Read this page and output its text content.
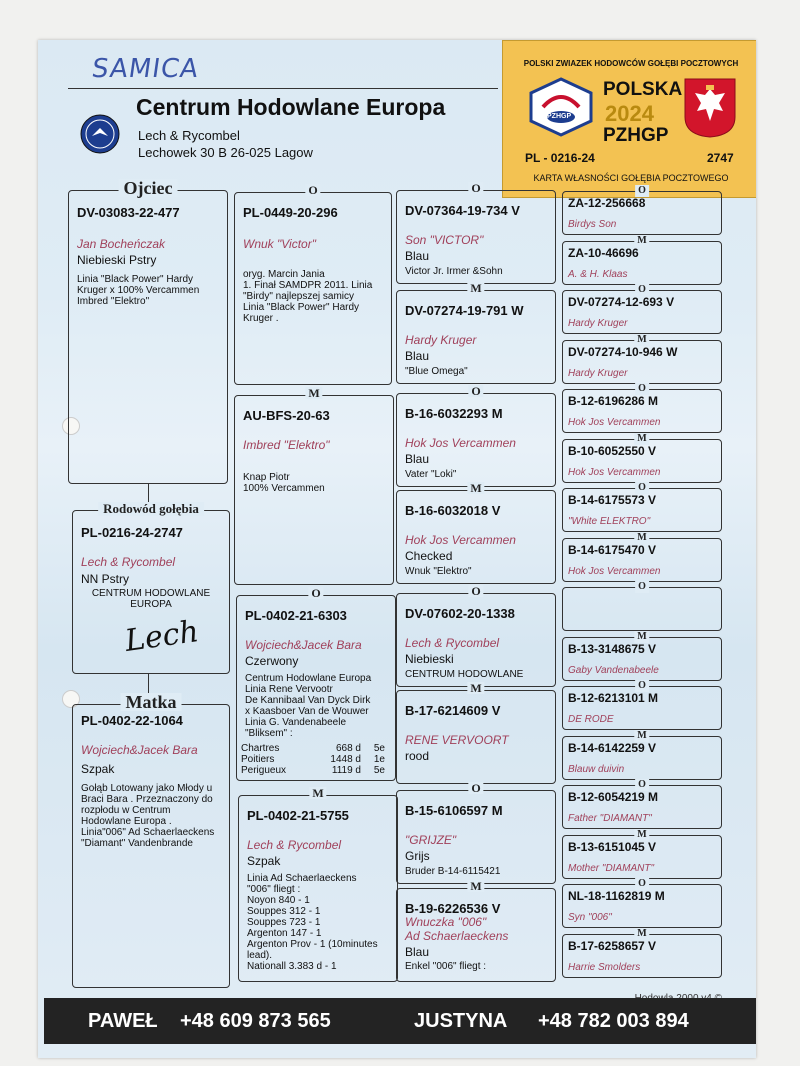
SAMICA
Centrum Hodowlane Europa
Lech & Rycombel
Lechowek 30 B 26-025 Lagow
POLSKI ZWIAZEK HODOWCÓW GOŁĘBI POCZTOWYCH
PZHGP
POLSKA
2024
PZHGP
PL - 0216-24	2747
KARTA WŁASNOŚCI GOŁĘBIA POCZTOWEGO
Ojciec
DV-03083-22-477
Jan Bocheńczak
Niebieski Pstry
Linia "Black Power" Hardy
Kruger x 100% Vercammen
Imbred "Elektro"
Rodowód gołębia
PL-0216-24-2747
Lech & Rycombel
NN Pstry
CENTRUM HODOWLANE
EUROPA
Lech
Matka
PL-0402-22-1064
Wojciech&Jacek Bara
Szpak
Gołąb Lotowany jako Młody u
Braci Bara . Przeznaczony do
rozpłodu w Centrum
Hodowlane Europa .
Linia"006" Ad Schaerlaeckens
"Diamant" Vandenbrande
O
PL-0449-20-296
Wnuk "Victor"
oryg. Marcin Jania
1. Finał SAMDPR 2011. Linia
"Birdy" najlepszej samicy
Linia "Black Power" Hardy
Kruger .
M
AU-BFS-20-63
Imbred "Elektro"
Knap Piotr
100% Vercammen
O
PL-0402-21-6303
Wojciech&Jacek Bara
Czerwony
Centrum Hodowlane Europa
Linia Rene Vervootr
De Kannibaal Van Dyck Dirk
x Kaasboer Van de Wouwer
Linia G. Vandenabeele
"Bliksem" :
Chartres	668 d	5e
Poitiers	1448 d	1e
Perigueux	1119 d	5e
M
PL-0402-21-5755
Lech & Rycombel
Szpak
Linia Ad Schaerlaeckens
"006" fliegt :
Noyon 840 - 1
Souppes 312 - 1
Souppes 723 - 1
Argenton 147 - 1
Argenton Prov - 1 (10minutes
lead).
Nationall 3.383 d - 1
O
DV-07364-19-734 V
Son "VICTOR"
Blau
Victor Jr. Irmer &Sohn
M
DV-07274-19-791 W
Hardy Kruger
Blau
"Blue Omega"
O
B-16-6032293 M
Hok Jos Vercammen
Blau
Vater "Loki"
M
B-16-6032018 V
Hok Jos Vercammen
Checked
Wnuk "Elektro"
O
DV-07602-20-1338
Lech & Rycombel
Niebieski
CENTRUM HODOWLANE
M
B-17-6214609 V
RENE VERVOORT
rood
O
B-15-6106597 M
"GRIJZE"
Grijs
Bruder B-14-6115421
M
B-19-6226536 V
Wnuczka "006"
Ad Schaerlaeckens
Blau
Enkel "006" fliegt :
O
ZA-12-256668
Birdys Son
M
ZA-10-46696
A. & H. Klaas
O
DV-07274-12-693 V
Hardy Kruger
M
DV-07274-10-946 W
Hardy Kruger
O
B-12-6196286 M
Hok Jos Vercammen
M
B-10-6052550 V
Hok Jos Vercammen
O
B-14-6175573 V
"White ELEKTRO"
M
B-14-6175470 V
Hok Jos Vercammen
O
M
B-13-3148675 V
Gaby Vandenabeele
O
B-12-6213101 M
DE RODE
M
B-14-6142259 V
Blauw duivin
O
B-12-6054219 M
Father "DIAMANT"
M
B-13-6151045 V
Mother "DIAMANT"
O
NL-18-1162819 M
Syn "006"
M
B-17-6258657 V
Harrie Smolders
PAWEŁ +48 609 873 565	JUSTYNA +48 782 003 894
